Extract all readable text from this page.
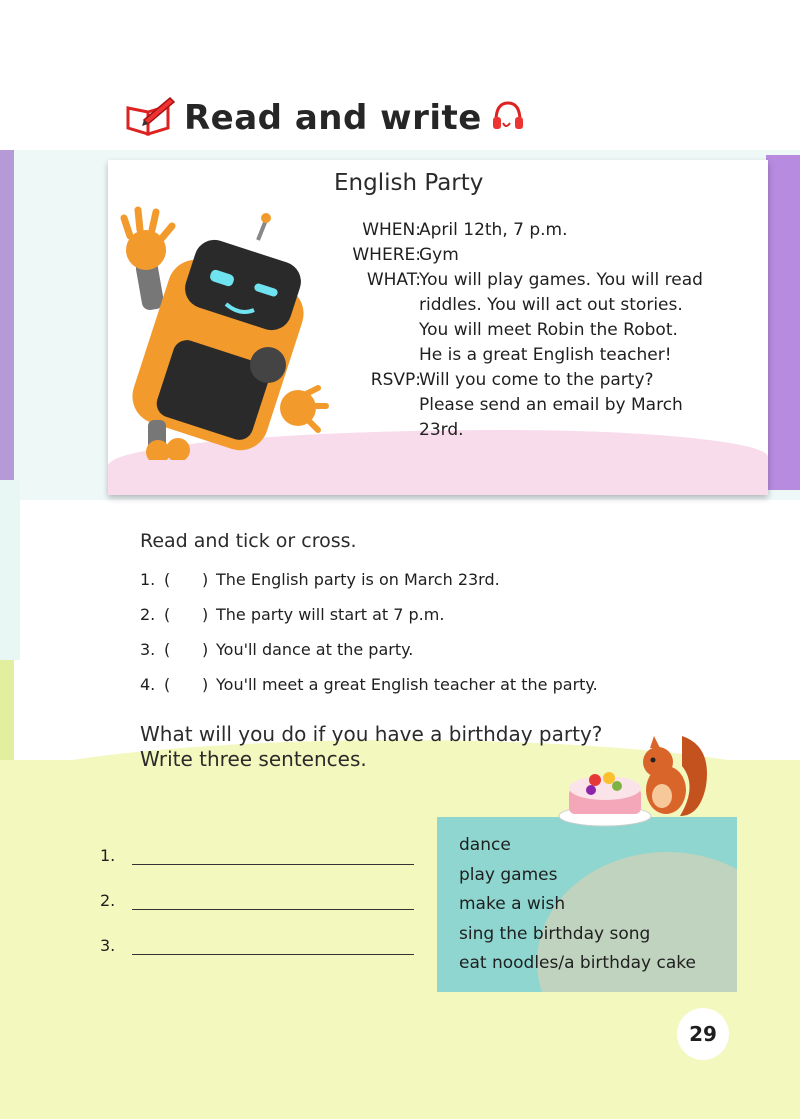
Read and write
English Party
WHEN:
WHERE:
WHAT:
RSVP:
April 12th, 7 p.m.
Gym
You will play games. You will read
riddles. You will act out stories.
You will meet Robin the Robot.
He is a great English teacher!
Will you come to the party?
Please send an email by March
23rd.
Read and tick or cross.
1. ( ) The English party is on March 23rd.
2. ( ) The party will start at 7 p.m.
3. ( ) You'll dance at the party.
4. ( ) You'll meet a great English teacher at the party.
What will you do if you have a birthday party?
Write three sentences.
1.
2.
3.
dance
play games
make a wish
sing the birthday song
eat noodles/a birthday cake
29
